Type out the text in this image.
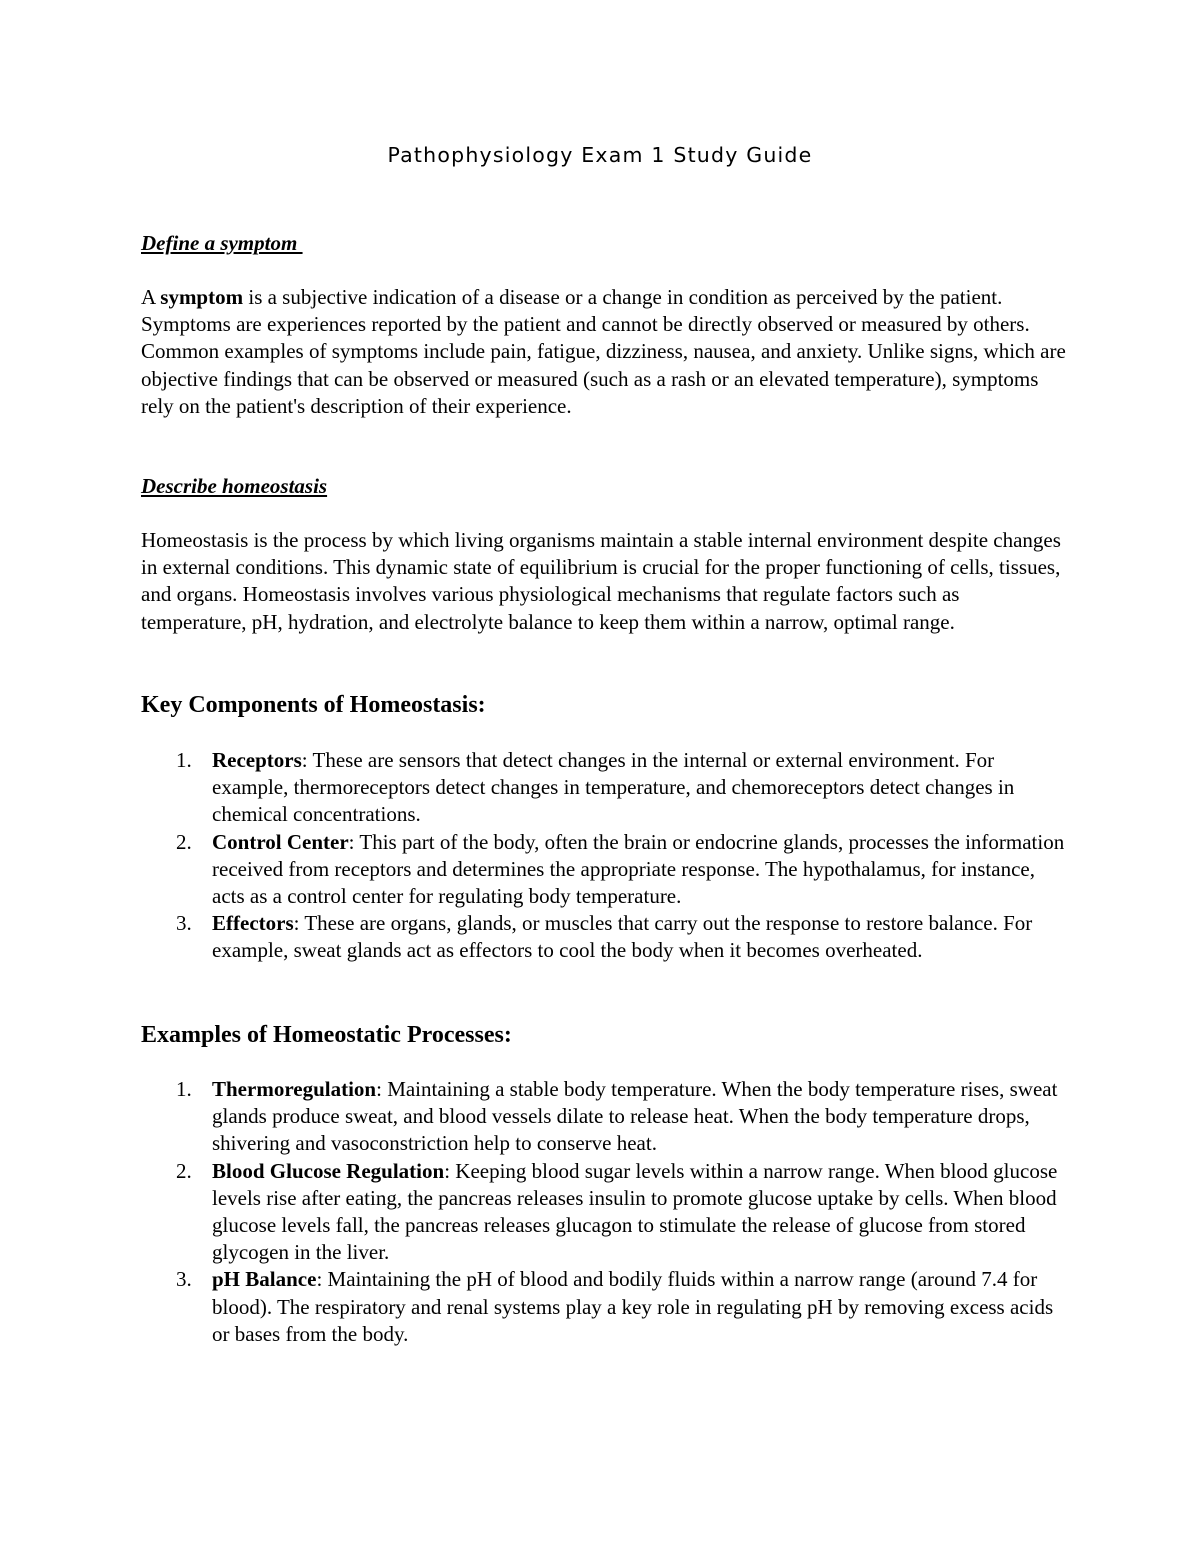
Pathophysiology Exam 1 Study Guide
Define a symptom

A symptom is a subjective indication of a disease or a change in condition as perceived by the patient. Symptoms are experiences reported by the patient and cannot be directly observed or measured by others. Common examples of symptoms include pain, fatigue, dizziness, nausea, and anxiety. Unlike signs, which are objective findings that can be observed or measured (such as a rash or an elevated temperature), symptoms rely on the patient's description of their experience.

Describe homeostasis

Homeostasis is the process by which living organisms maintain a stable internal environment despite changes in external conditions. This dynamic state of equilibrium is crucial for the proper functioning of cells, tissues, and organs. Homeostasis involves various physiological mechanisms that regulate factors such as temperature, pH, hydration, and electrolyte balance to keep them within a narrow, optimal range.

Key Components of Homeostasis:
1. Receptors: These are sensors that detect changes in the internal or external environment. For example, thermoreceptors detect changes in temperature, and chemoreceptors detect changes in chemical concentrations.
2. Control Center: This part of the body, often the brain or endocrine glands, processes the information received from receptors and determines the appropriate response. The hypothalamus, for instance, acts as a control center for regulating body temperature.
3. Effectors: These are organs, glands, or muscles that carry out the response to restore balance. For example, sweat glands act as effectors to cool the body when it becomes overheated.
Examples of Homeostatic Processes:
1. Thermoregulation: Maintaining a stable body temperature. When the body temperature rises, sweat glands produce sweat, and blood vessels dilate to release heat. When the body temperature drops, shivering and vasoconstriction help to conserve heat.
2. Blood Glucose Regulation: Keeping blood sugar levels within a narrow range. When blood glucose levels rise after eating, the pancreas releases insulin to promote glucose uptake by cells. When blood glucose levels fall, the pancreas releases glucagon to stimulate the release of glucose from stored glycogen in the liver.
3. pH Balance: Maintaining the pH of blood and bodily fluids within a narrow range (around 7.4 for blood). The respiratory and renal systems play a key role in regulating pH by removing excess acids or bases from the body.
